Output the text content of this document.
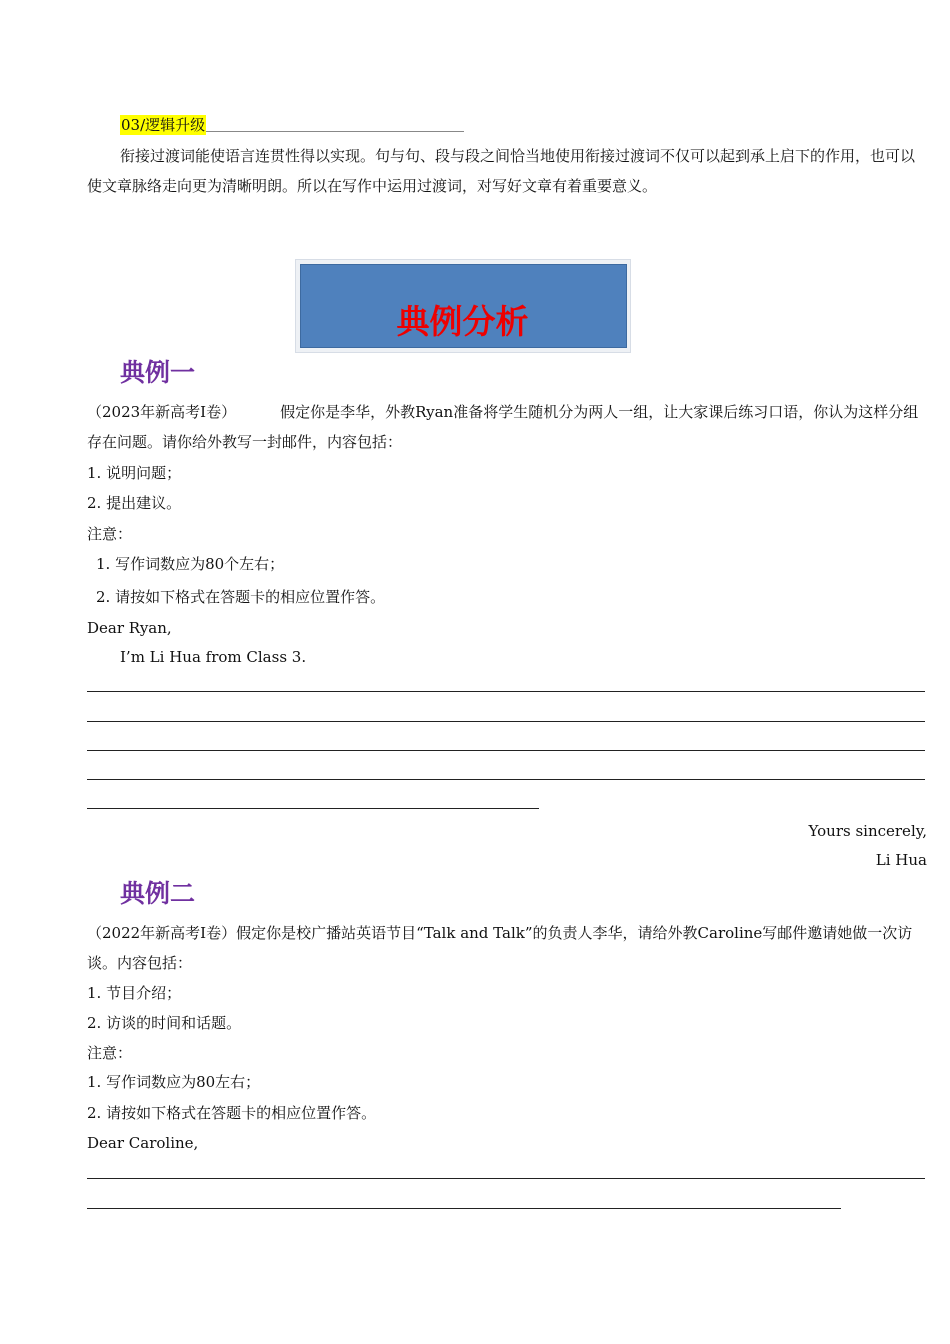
03/逻辑升级
衔接过渡词能使语言连贯性得以实现。句与句、段与段之间恰当地使用衔接过渡词不仅可以起到承上启下的作用，也可以使文章脉络走向更为清晰明朗。所以在写作中运用过渡词，对写好文章有着重要意义。
典例分析
典例一
（2023年新高考I卷）	假定你是李华，外教Ryan准备将学生随机分为两人一组，让大家课后练习口语，你认为这样分组存在问题。请你给外教写一封邮件，内容包括：
1. 说明问题；
2. 提出建议。
注意：
1. 写作词数应为80个左右；
2. 请按如下格式在答题卡的相应位置作答。
Dear Ryan,
I’m Li Hua from Class 3.
Yours sincerely,
Li Hua
典例二
（2022年新高考I卷）假定你是校广播站英语节目“Talk and Talk”的负责人李华，请给外教Caroline写邮件邀请她做一次访谈。内容包括：
1. 节目介绍；
2. 访谈的时间和话题。
注意：
1. 写作词数应为80左右；
2. 请按如下格式在答题卡的相应位置作答。
Dear Caroline,
